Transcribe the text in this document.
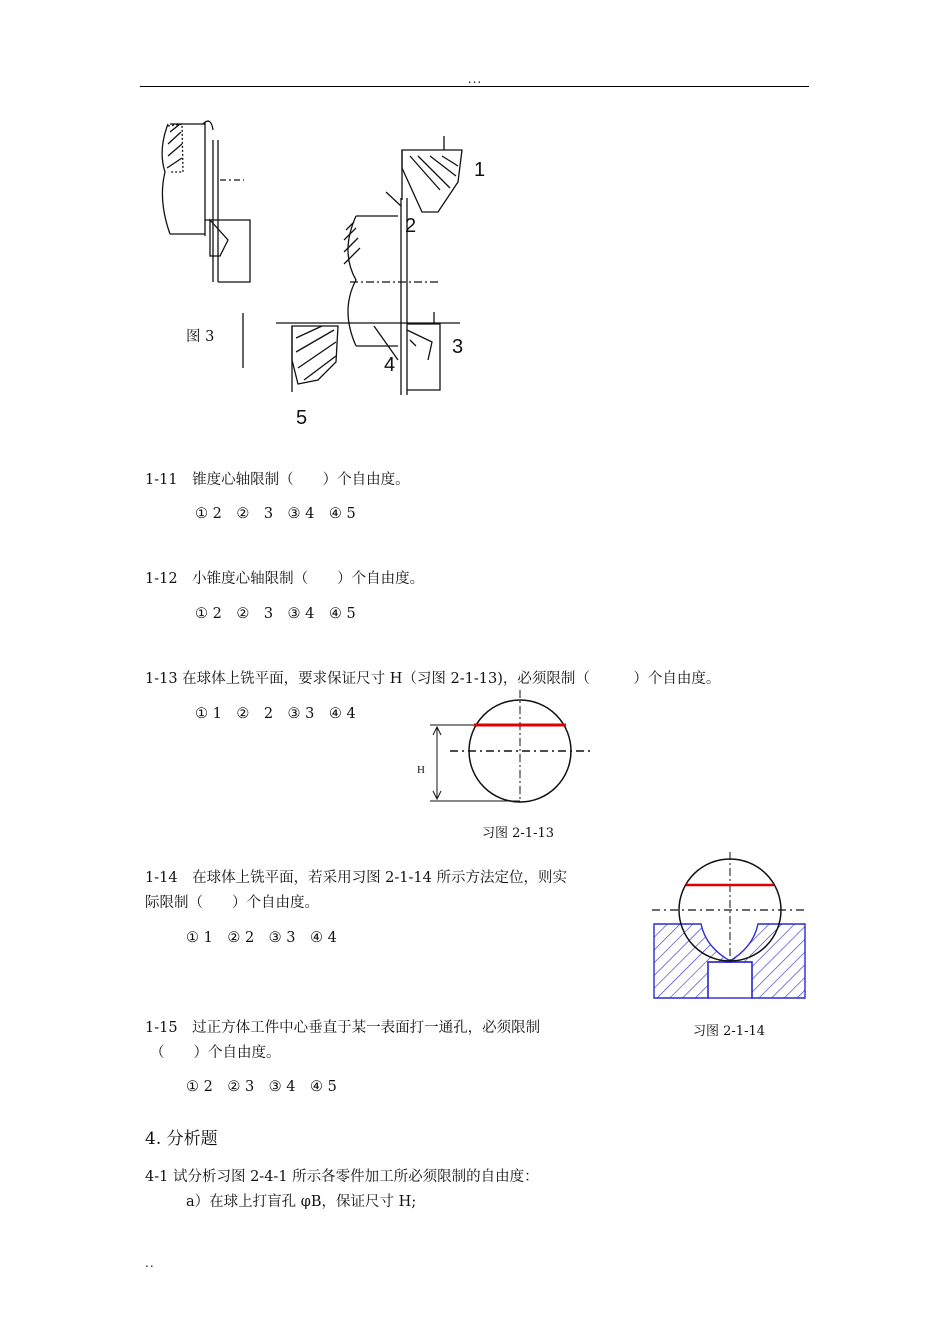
...
1
2
3
4
5
图 3
1-11　锥度心轴限制（　　）个自由度。
① 2　②　3　③ 4　④ 5
1-12　小锥度心轴限制（　　）个自由度。
① 2　②　3　③ 4　④ 5
1-13 在球体上铣平面，要求保证尺寸 H（习图 2-1-13)，必须限制（　　　）个自由度。
① 1　②　2　③ 3　④ 4
H
习图 2-1-13
1-14　在球体上铣平面，若采用习图 2-1-14 所示方法定位，则实
际限制（　　）个自由度。
① 1　② 2　③ 3　④ 4
习图 2-1-14
1-15　过正方体工件中心垂直于某一表面打一通孔，必须限制
（　　）个自由度。
① 2　② 3　③ 4　④ 5
4. 分析题
4-1 试分析习图 2-4-1 所示各零件加工所必须限制的自由度：
a）在球上打盲孔 φB，保证尺寸 H;
..
